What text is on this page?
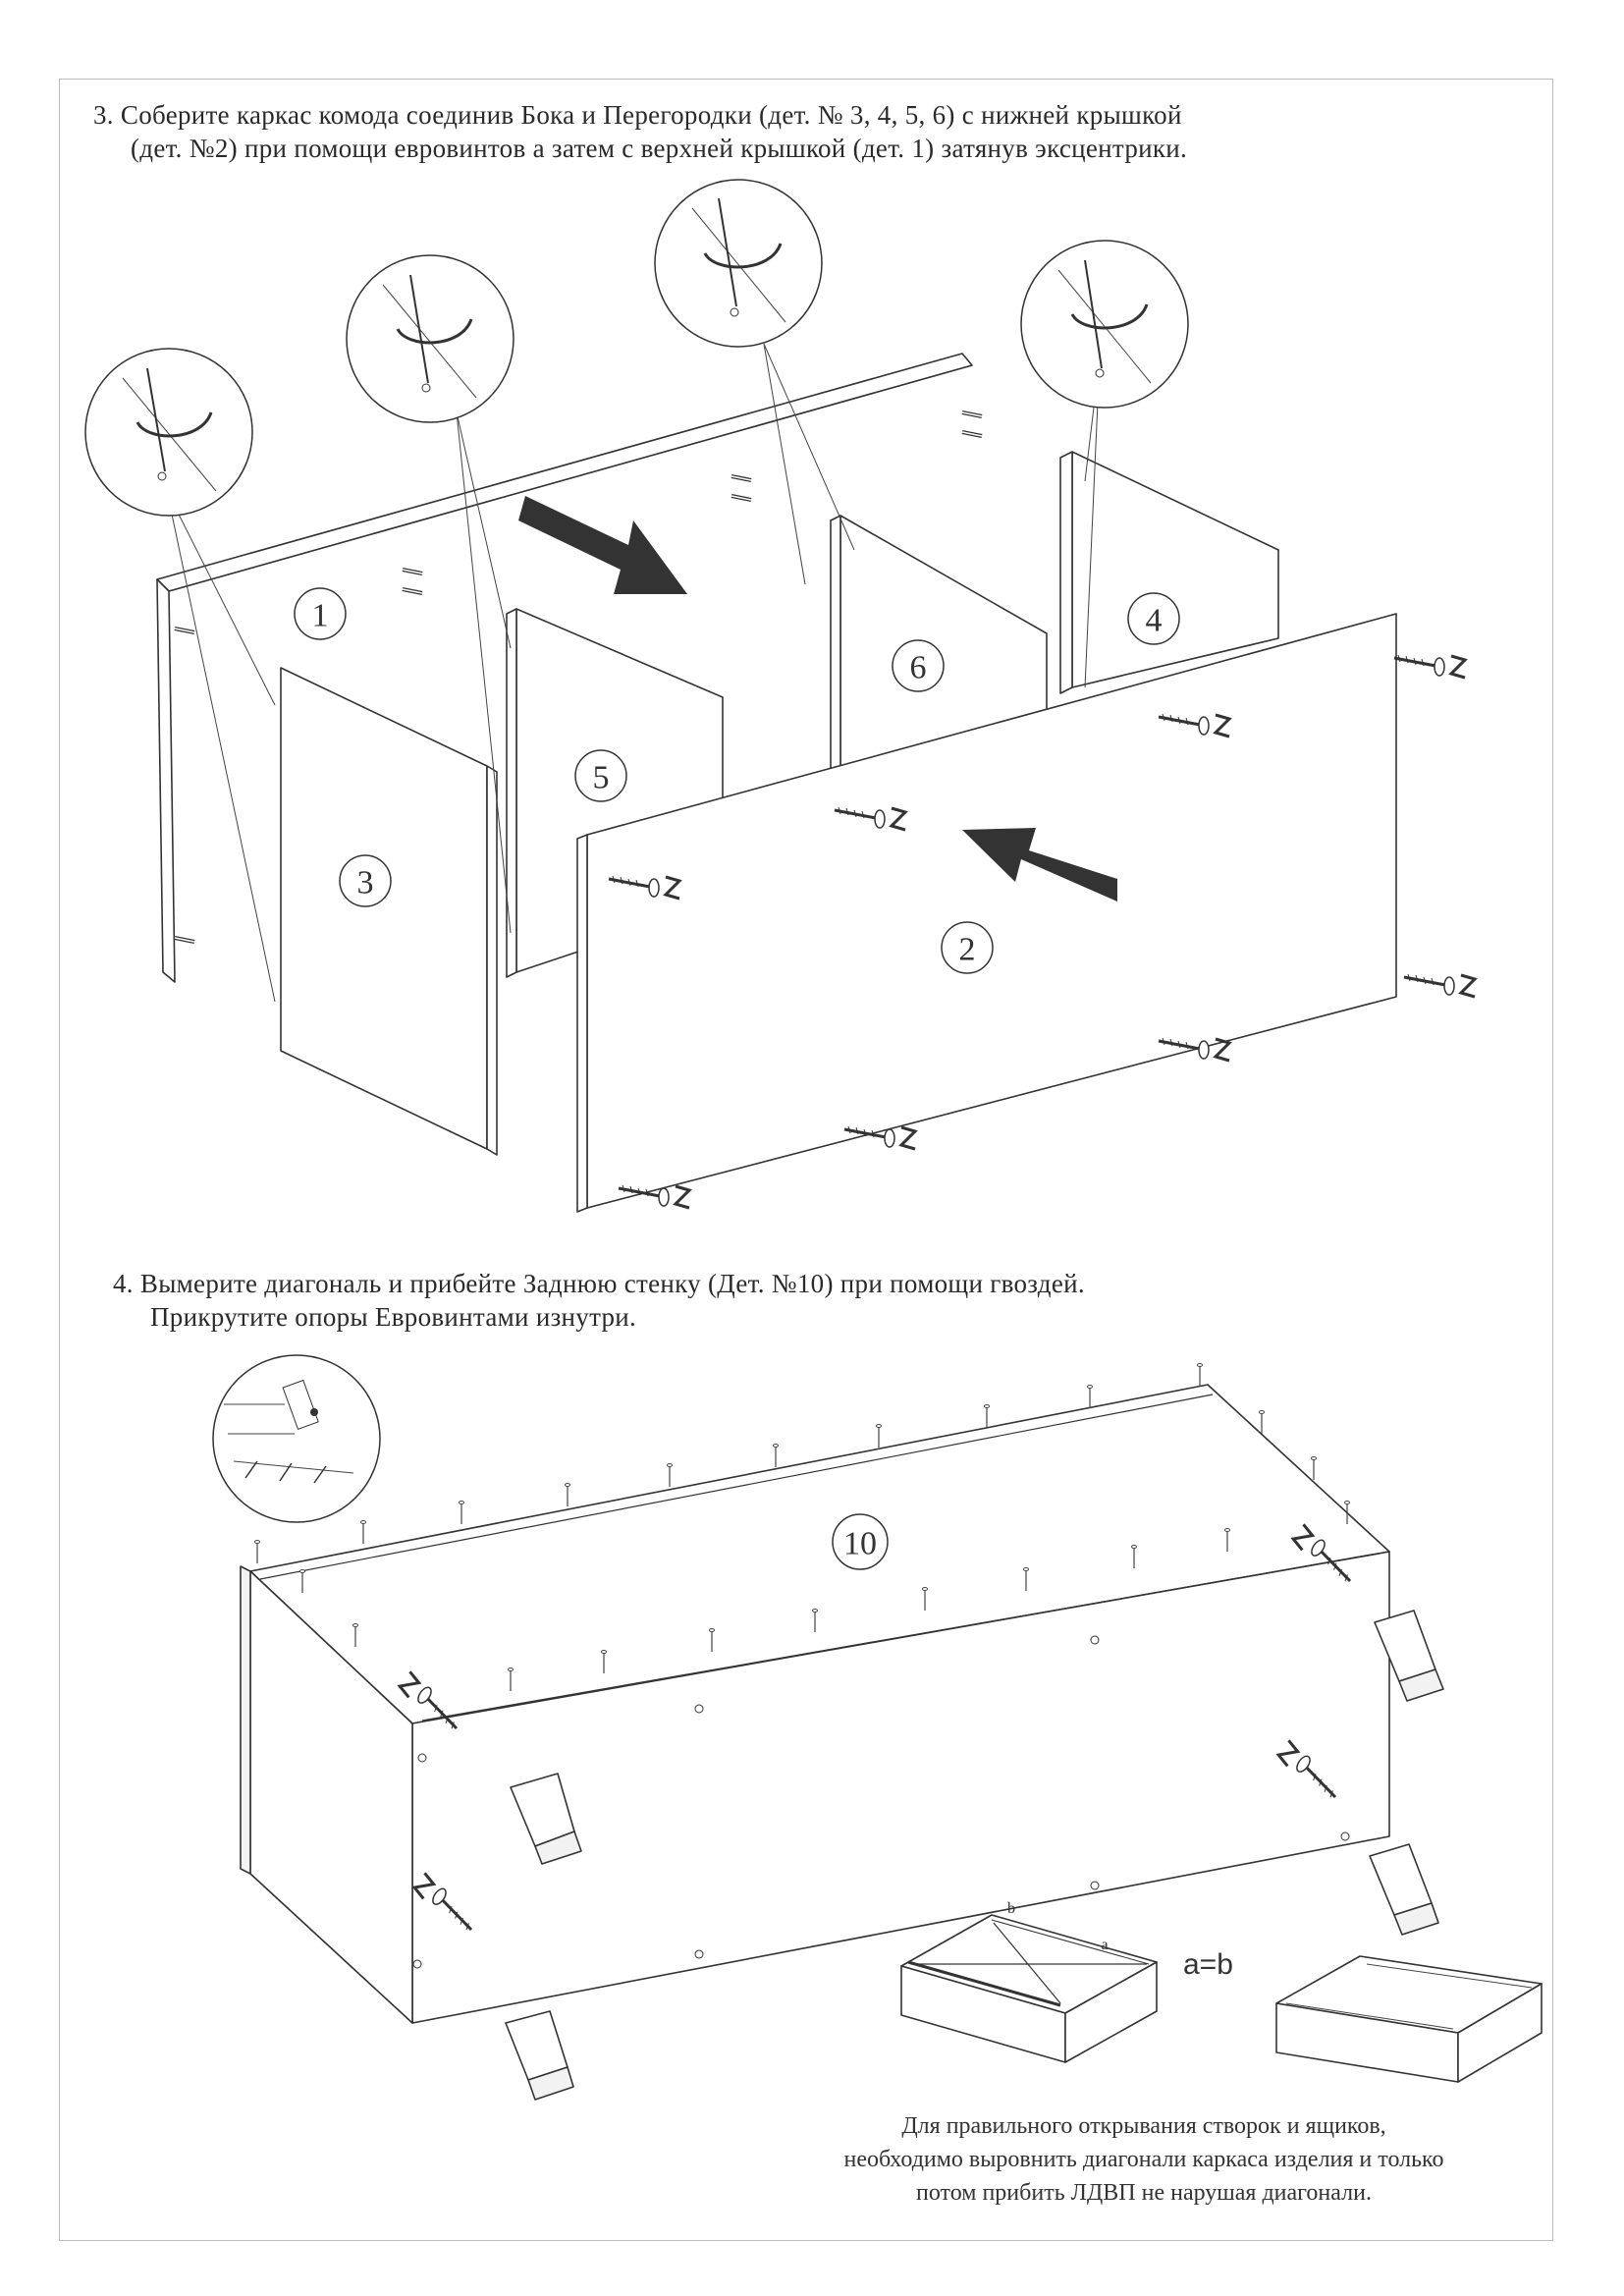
3. Соберите каркас комода соединив Бока и Перегородки (дет. № 3, 4, 5, 6) с нижней крышкой
(дет. №2) при помощи евровинтов а затем с верхней крышкой (дет. 1) затянув эксцентрики.
4. Вымерите диагональ и прибейте Заднюю стенку (Дет. №10) при помощи гвоздей.
Прикрутите опоры Евровинтами изнутри.
1	4
6
5
3
2
10
b
a
a=b
Для правильного открывания створок и ящиков,
необходимо выровнить диагонали каркаса изделия и только
потом прибить ЛДВП не нарушая диагонали.
